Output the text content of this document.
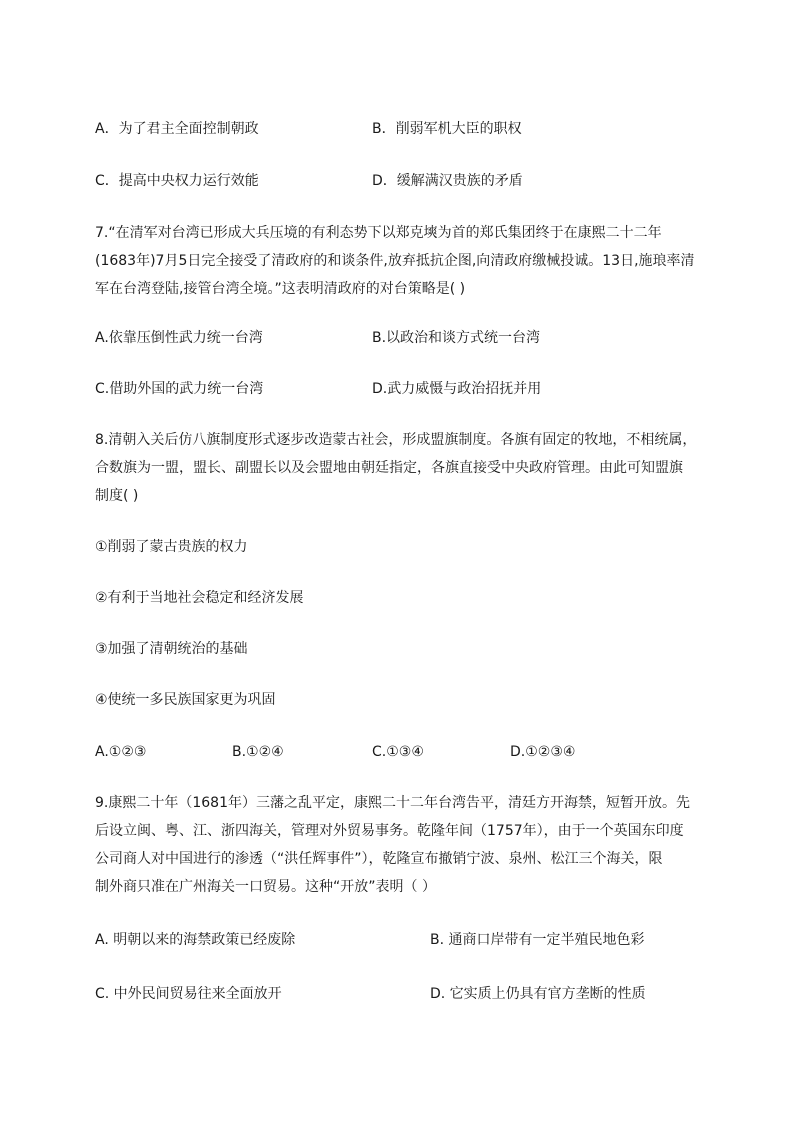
A．为了君主全面控制朝政	B．削弱军机大臣的职权
C．提高中央权力运行效能	D．缓解满汉贵族的矛盾
7.“在清军对台湾已形成大兵压境的有利态势下以郑克塽为首的郑氏集团终于在康熙二十二年
(1683年)7月5日完全接受了清政府的和谈条件,放弃抵抗企图,向清政府缴械投诚。13日,施琅率清
军在台湾登陆,接管台湾全境。”这表明清政府的对台策略是( )
A.依靠压倒性武力统一台湾	B.以政治和谈方式统一台湾
C.借助外国的武力统一台湾	D.武力威慑与政治招抚并用
8.清朝入关后仿八旗制度形式逐步改造蒙古社会，形成盟旗制度。各旗有固定的牧地，不相统属，
合数旗为一盟，盟长、副盟长以及会盟地由朝廷指定，各旗直接受中央政府管理。由此可知盟旗
制度( )
①削弱了蒙古贵族的权力
②有利于当地社会稳定和经济发展
③加强了清朝统治的基础
④使统一多民族国家更为巩固
A.①②③	B.①②④	C.①③④	D.①②③④
9.康熙二十年（1681年）三藩之乱平定，康熙二十二年台湾告平，清廷方开海禁，短暂开放。先
后设立闽、粤、江、浙四海关，管理对外贸易事务。乾隆年间（1757年），由于一个英国东印度
公司商人对中国进行的渗透（“洪任辉事件”），乾隆宣布撤销宁波、泉州、松江三个海关，限
制外商只准在广州海关一口贸易。这种“开放”表明（ ）
A. 明朝以来的海禁政策已经废除	B. 通商口岸带有一定半殖民地色彩
C. 中外民间贸易往来全面放开	D. 它实质上仍具有官方垄断的性质
